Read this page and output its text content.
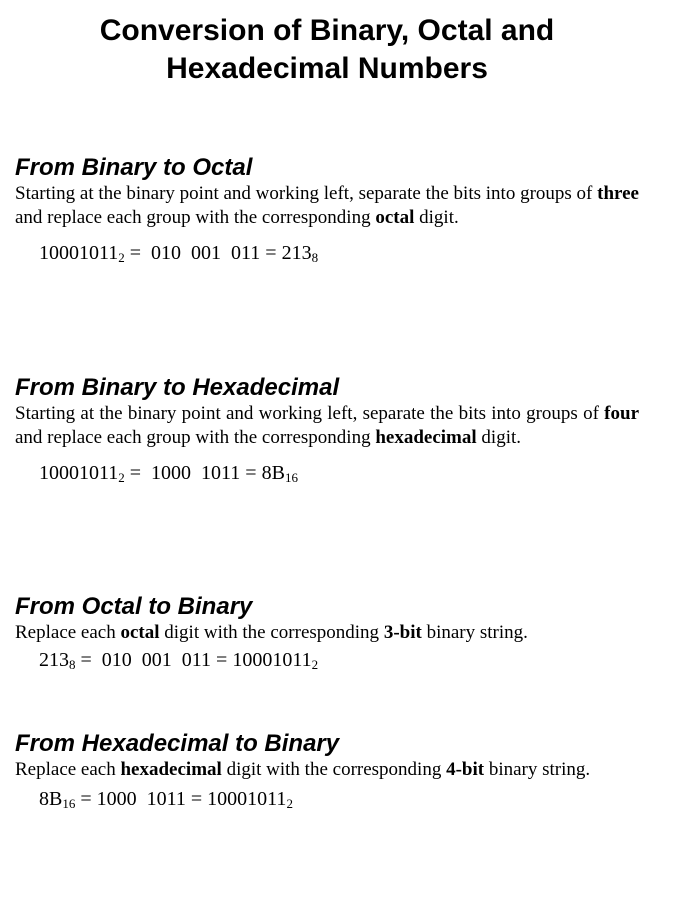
Conversion of Binary, Octal and
Hexadecimal Numbers
From Binary to Octal

Starting at the binary point and working left, separate the bits into groups of three and replace each group with the corresponding octal digit.

$10001011_2 = 010$  001  $011 = 213_8$

From Binary to Hexadecimal

Starting at the binary point and working left, separate the bits into groups of four and replace each group with the corresponding hexadecimal digit.

$10001011_2 = 1000$  $1011 = 8B_{16}$

From Octal to Binary

Replace each octal digit with the corresponding 3-bit binary string.

$213_8 = 010$  001  $011 = 10001011_2$

From Hexadecimal to Binary

Replace each hexadecimal digit with the corresponding 4-bit binary string.

$8B_{16} = 1000$  $1011 = 10001011_2$
